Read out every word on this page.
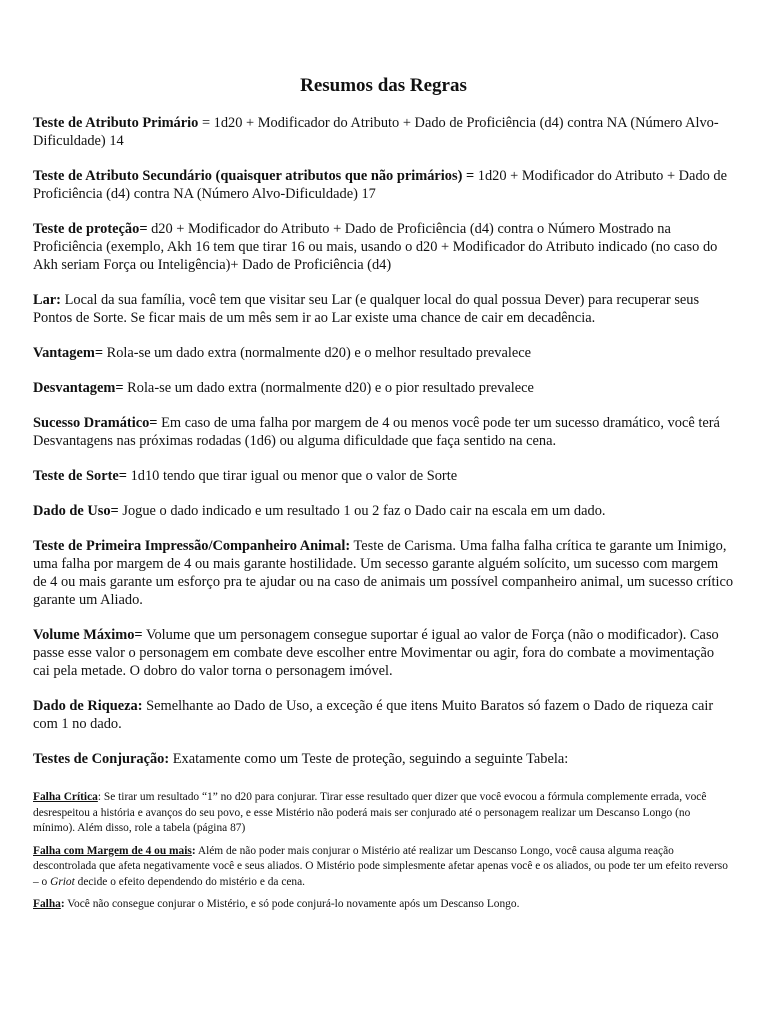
Resumos das Regras

Teste de Atributo Primário = 1d20 + Modificador do Atributo + Dado de Proficiência (d4) contra NA (Número Alvo-Dificuldade) 14

Teste de Atributo Secundário (quaisquer atributos que não primários) = 1d20 + Modificador do Atributo + Dado de Proficiência (d4) contra NA (Número Alvo-Dificuldade) 17

Teste de proteção= d20 + Modificador do Atributo + Dado de Proficiência (d4) contra o Número Mostrado na Proficiência (exemplo, Akh 16 tem que tirar 16 ou mais, usando o d20 + Modificador do Atributo indicado (no caso do Akh seriam Força ou Inteligência)+ Dado de Proficiência (d4)

Lar: Local da sua família, você tem que visitar seu Lar (e qualquer local do qual possua Dever) para recuperar seus Pontos de Sorte. Se ficar mais de um mês sem ir ao Lar existe uma chance de cair em decadência.

Vantagem= Rola-se um dado extra (normalmente d20) e o melhor resultado prevalece

Desvantagem= Rola-se um dado extra (normalmente d20) e o pior resultado prevalece

Sucesso Dramático= Em caso de uma falha por margem de 4 ou menos você pode ter um sucesso dramático, você terá Desvantagens nas próximas rodadas (1d6) ou alguma dificuldade que faça sentido na cena.

Teste de Sorte= 1d10 tendo que tirar igual ou menor que o valor de Sorte

Dado de Uso= Jogue o dado indicado e um resultado 1 ou 2 faz o Dado cair na escala em um dado.

Teste de Primeira Impressão/Companheiro Animal: Teste de Carisma. Uma falha falha crítica te garante um Inimigo, uma falha por margem de 4 ou mais garante hostilidade. Um secesso garante alguém solícito, um sucesso com margem de 4 ou mais garante um esforço pra te ajudar ou na caso de animais um possível companheiro animal, um sucesso crítico garante um Aliado.

Volume Máximo= Volume que um personagem consegue suportar é igual ao valor de Força (não o modificador). Caso passe esse valor o personagem em combate deve escolher entre Movimentar ou agir, fora do combate a movimentação cai pela metade. O dobro do valor torna o personagem imóvel.

Dado de Riqueza: Semelhante ao Dado de Uso, a exceção é que itens Muito Baratos só fazem o Dado de riqueza cair com 1 no dado.

Testes de Conjuração: Exatamente como um Teste de proteção, seguindo a seguinte Tabela:

Falha Crítica: Se tirar um resultado “1” no d20 para conjurar. Tirar esse resultado quer dizer que você evocou a fórmula complemente errada, você desrespeitou a história e avanços do seu povo, e esse Mistério não poderá mais ser conjurado até o personagem realizar um Descanso Longo (no mínimo). Além disso, role a tabela (página 87)

Falha com Margem de 4 ou mais: Além de não poder mais conjurar o Mistério até realizar um Descanso Longo, você causa alguma reação descontrolada que afeta negativamente você e seus aliados. O Mistério pode simplesmente afetar apenas você e os aliados, ou pode ter um efeito reverso – o Griot decide o efeito dependendo do mistério e da cena.

Falha: Você não consegue conjurar o Mistério, e só pode conjurá-lo novamente após um Descanso Longo.
